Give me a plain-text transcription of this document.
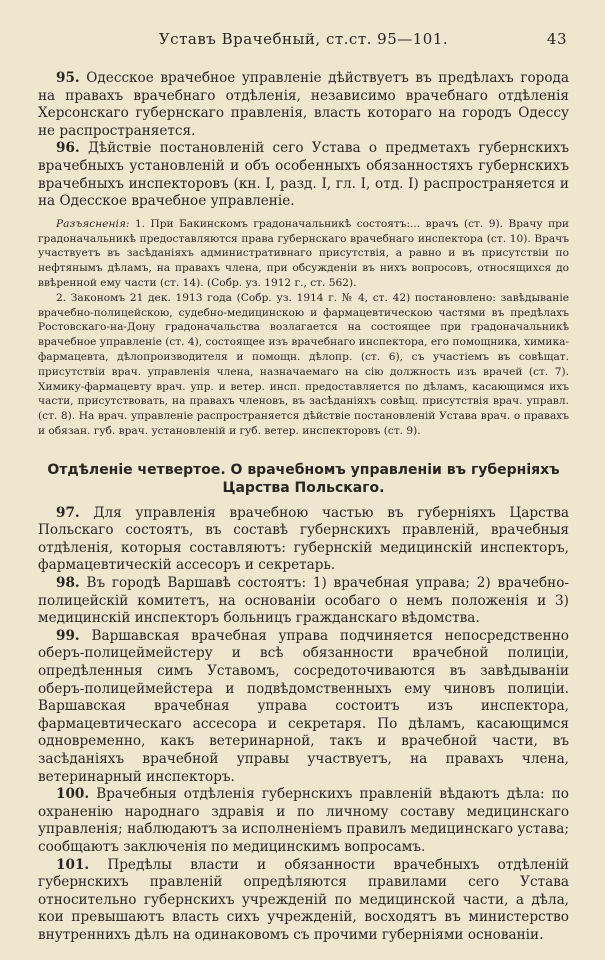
Уставъ Врачебный, ст.ст. 95—101.	43

95. Одесское врачебное управленiе дѣйствуетъ въ предѣлахъ города на правахъ врачебнаго отдѣленiя, независимо врачебнаго отдѣленiя Херсонскаго губернскаго правленiя, власть котораго на городъ Одессу не распространяется.

96. Дѣйствiе постановленiй сего Устава о предметахъ губернскихъ врачебныхъ установленiй и объ особенныхъ обязанностяхъ губернскихъ врачебныхъ инспекторовъ (кн. I, разд. I, гл. I, отд. I) распространяется и на Одесское врачебное управленiе.

Разъясненiя: 1. При Бакинскомъ градоначальникѣ состоятъ:... врачъ (ст. 9). Врачу при градоначальникѣ предоставляются права губернскаго врачебнаго инспектора (ст. 10). Врачъ участвуетъ въ засѣданiяхъ административнаго присутствiя, а равно и въ присутствiи по нефтянымъ дѣламъ, на правахъ члена, при обсужденiи въ нихъ вопросовъ, относящихся до ввѣренной ему части (ст. 14). (Собр. уз. 1912 г., ст. 562).

2. Закономъ 21 дек. 1913 года (Собр. уз. 1914 г. № 4, ст. 42) постановлено: завѣдыванiе врачебно-полицейскою, судебно-медицинскою и фармацевтическою частями въ предѣлахъ Ростовскаго-на-Дону градоначальства возлагается на состоящее при градоначальникѣ врачебное управленiе (ст. 4), состоящее изъ врачебнаго инспектора, его помощника, химика-фармацевта, дѣлопроизводителя и помощн. дѣлопр. (ст. 6), съ участiемъ въ совѣщат. присутствiи врач. управленiя члена, назначаемаго на сiю должность изъ врачей (ст. 7). Химику-фармацевту врач. упр. и ветер. инсп. предоставляется по дѣламъ, касающимся ихъ части, присутствовать, на правахъ членовъ, въ засѣданiяхъ совѣщ. присутствiя врач. управл. (ст. 8). На врач. управленiе распространяется дѣйствiе постановленiй Устава врач. о правахъ и обязан. губ. врач. установленiй и губ. ветер. инспекторовъ (ст. 9).

Отдѣленiе четвертое. О врачебномъ управленiи въ губернiяхъ Царства Польскаго.

97. Для управленiя врачебною частью въ губернiяхъ Царства Польскаго состоятъ, въ составѣ губернскихъ правленiй, врачебныя отдѣленiя, которыя составляютъ: губернскiй медицинскiй инспекторъ, фармацевтическiй ассесоръ и секретарь.

98. Въ городѣ Варшавѣ состоятъ: 1) врачебная управа; 2) врачебно-полицейскiй комитетъ, на основанiи особаго о немъ положенiя и 3) медицинскiй инспекторъ больницъ гражданскаго вѣдомства.

99. Варшавская врачебная управа подчиняется непосредственно оберъ-полицеймейстеру и всѣ обязанности врачебной полицiи, опредѣленныя симъ Уставомъ, сосредоточиваются въ завѣдыванiи оберъ-полицеймейстера и подвѣдомственныхъ ему чиновъ полицiи. Варшавская врачебная управа состоитъ изъ инспектора, фармацевтическаго ассесора и секретаря. По дѣламъ, касающимся одновременно, какъ ветеринарной, такъ и врачебной части, въ засѣданiяхъ врачебной управы участвуетъ, на правахъ члена, ветеринарный инспекторъ.

100. Врачебныя отдѣленiя губернскихъ правленiй вѣдаютъ дѣла: по охраненiю народнаго здравiя и по личному составу медицинскаго управленiя; наблюдаютъ за исполненiемъ правилъ медицинскаго устава; сообщаютъ заключенiя по медицинскимъ вопросамъ.

101. Предѣлы власти и обязанности врачебныхъ отдѣленiй губернскихъ правленiй опредѣляются правилами сего Устава относительно губернскихъ учрежденiй по медицинской части, а дѣла, кои превышаютъ власть сихъ учрежденiй, восходятъ въ министерство внутреннихъ дѣлъ на одинаковомъ съ прочими губернiями основанiи.
